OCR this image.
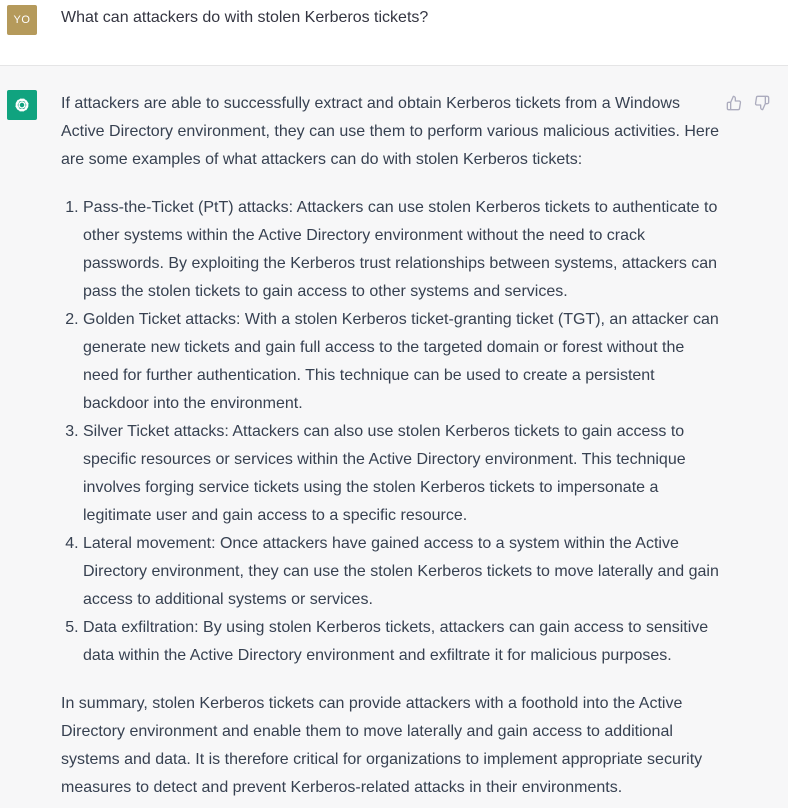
YO What can attackers do with stolen Kerberos tickets?

If attackers are able to successfully extract and obtain Kerberos tickets from a Windows Active Directory environment, they can use them to perform various malicious activities. Here are some examples of what attackers can do with stolen Kerberos tickets:

1. Pass-the-Ticket (PtT) attacks: Attackers can use stolen Kerberos tickets to authenticate to other systems within the Active Directory environment without the need to crack passwords. By exploiting the Kerberos trust relationships between systems, attackers can pass the stolen tickets to gain access to other systems and services.
2. Golden Ticket attacks: With a stolen Kerberos ticket-granting ticket (TGT), an attacker can generate new tickets and gain full access to the targeted domain or forest without the need for further authentication. This technique can be used to create a persistent backdoor into the environment.
3. Silver Ticket attacks: Attackers can also use stolen Kerberos tickets to gain access to specific resources or services within the Active Directory environment. This technique involves forging service tickets using the stolen Kerberos tickets to impersonate a legitimate user and gain access to a specific resource.
4. Lateral movement: Once attackers have gained access to a system within the Active Directory environment, they can use the stolen Kerberos tickets to move laterally and gain access to additional systems or services.
5. Data exfiltration: By using stolen Kerberos tickets, attackers can gain access to sensitive data within the Active Directory environment and exfiltrate it for malicious purposes.

In summary, stolen Kerberos tickets can provide attackers with a foothold into the Active Directory environment and enable them to move laterally and gain access to additional systems and data. It is therefore critical for organizations to implement appropriate security measures to detect and prevent Kerberos-related attacks in their environments.
